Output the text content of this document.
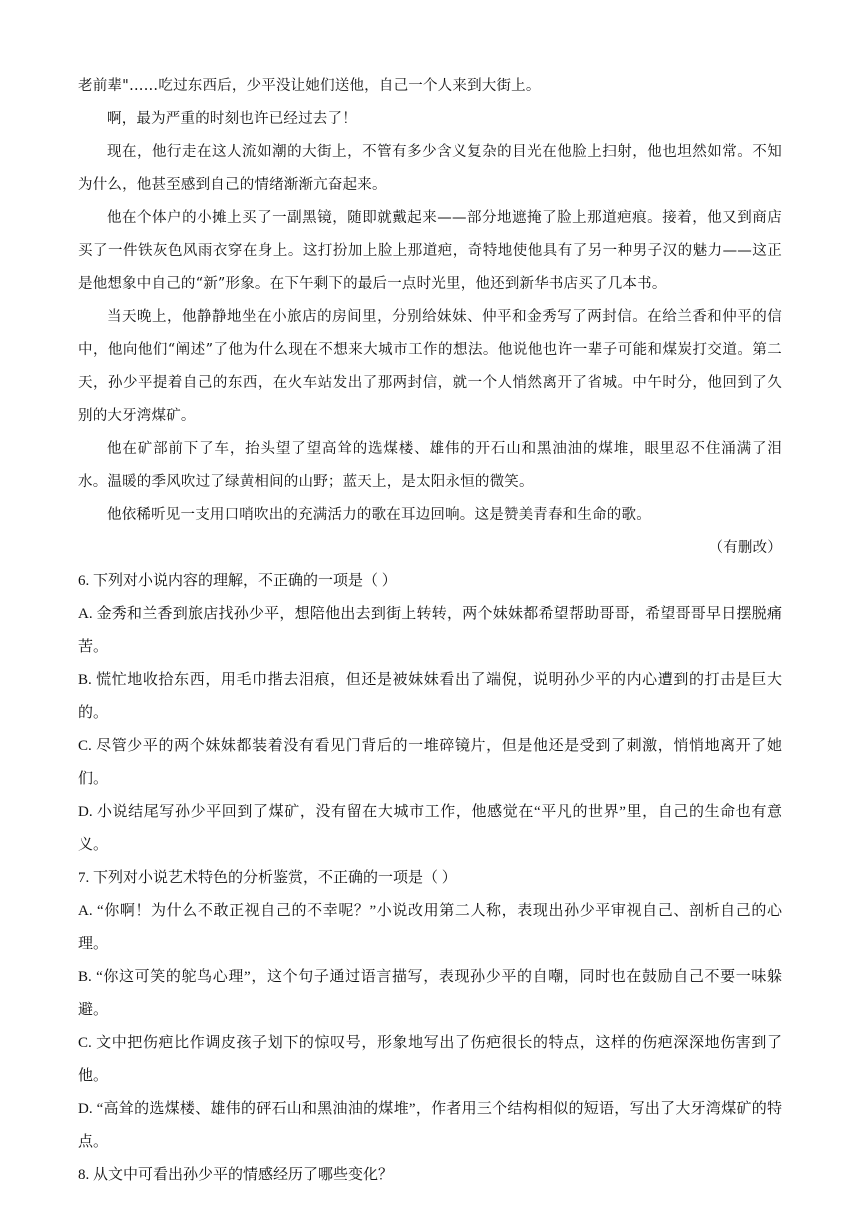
老前辈"……吃过东西后，少平没让她们送他，自己一个人来到大街上。

啊，最为严重的时刻也许已经过去了！

现在，他行走在这人流如潮的大街上，不管有多少含义复杂的目光在他脸上扫射，他也坦然如常。不知为什么，他甚至感到自己的情绪渐渐亢奋起来。

他在个体户的小摊上买了一副黑镜，随即就戴起来——部分地遮掩了脸上那道疤痕。接着，他又到商店买了一件铁灰色风雨衣穿在身上。这打扮加上脸上那道疤，奇特地使他具有了另一种男子汉的魅力——这正是他想象中自己的“新”形象。在下午剩下的最后一点时光里，他还到新华书店买了几本书。

当天晚上，他静静地坐在小旅店的房间里，分别给妹妹、仲平和金秀写了两封信。在给兰香和仲平的信中，他向他们“阐述”了他为什么现在不想来大城市工作的想法。他说他也许一辈子可能和煤炭打交道。第二天，孙少平提着自己的东西，在火车站发出了那两封信，就一个人悄然离开了省城。中午时分，他回到了久别的大牙湾煤矿。

他在矿部前下了车，抬头望了望高耸的选煤楼、雄伟的开石山和黑油油的煤堆，眼里忍不住涌满了泪水。温暖的季风吹过了绿黄相间的山野；蓝天上，是太阳永恒的微笑。

他依稀听见一支用口哨吹出的充满活力的歌在耳边回响。这是赞美青春和生命的歌。

（有删改）

6. 下列对小说内容的理解，不正确的一项是（ ）

A. 金秀和兰香到旅店找孙少平，想陪他出去到街上转转，两个妹妹都希望帮助哥哥，希望哥哥早日摆脱痛苦。

B. 慌忙地收拾东西，用毛巾揩去泪痕，但还是被妹妹看出了端倪，说明孙少平的内心遭到的打击是巨大的。

C. 尽管少平的两个妹妹都装着没有看见门背后的一堆碎镜片，但是他还是受到了刺激，悄悄地离开了她们。

D. 小说结尾写孙少平回到了煤矿，没有留在大城市工作，他感觉在“平凡的世界”里，自己的生命也有意义。

7. 下列对小说艺术特色的分析鉴赏，不正确的一项是（ ）

A. “你啊！为什么不敢正视自己的不幸呢？”小说改用第二人称，表现出孙少平审视自己、剖析自己的心理。

B. “你这可笑的鸵鸟心理”，这个句子通过语言描写，表现孙少平的自嘲，同时也在鼓励自己不要一味躲避。

C. 文中把伤疤比作调皮孩子划下的惊叹号，形象地写出了伤疤很长的特点，这样的伤疤深深地伤害到了他。

D. “高耸的选煤楼、雄伟的砰石山和黑油油的煤堆”，作者用三个结构相似的短语，写出了大牙湾煤矿的特点。

8. 从文中可看出孙少平的情感经历了哪些变化？
